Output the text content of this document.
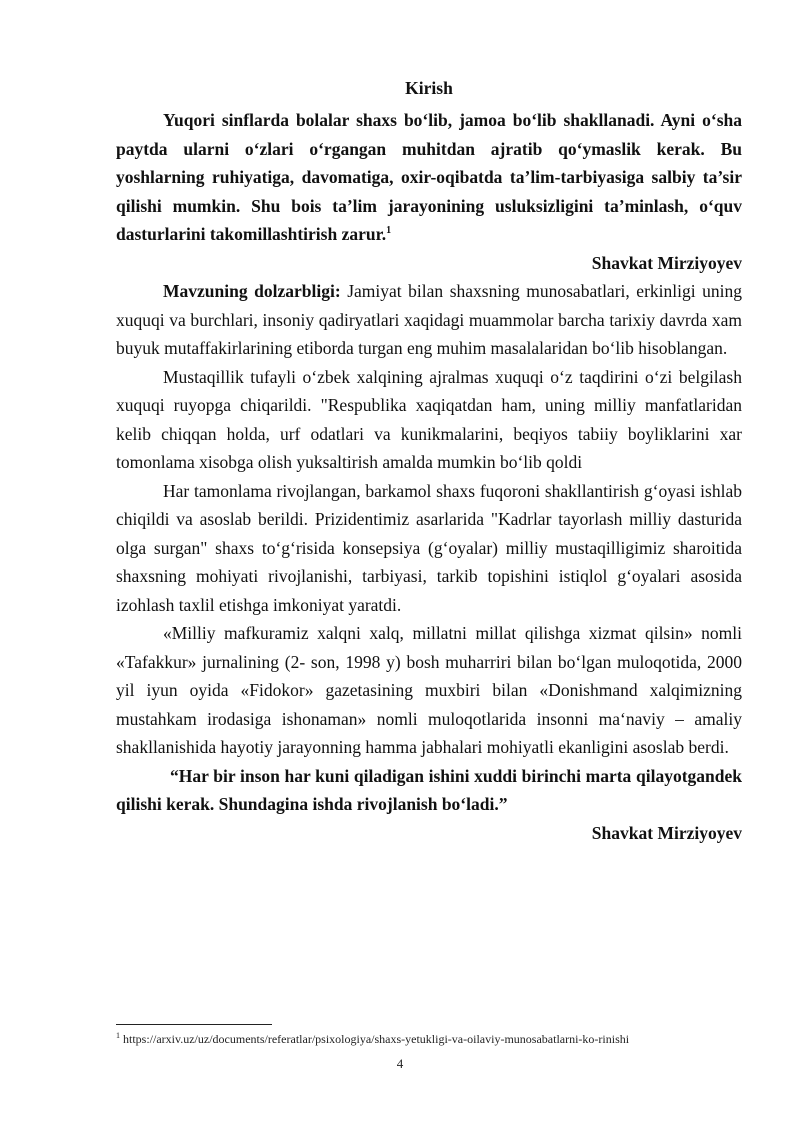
Kirish

Yuqori sinflarda bolalar shaxs bo‘lib, jamoa bo‘lib shakllanadi. Ayni o‘sha paytda ularni o‘zlari o‘rgangan muhitdan ajratib qo‘ymaslik kerak. Bu yoshlarning ruhiyatiga, davomatiga, oxir-oqibatda ta’lim-tarbiyasiga salbiy ta’sir qilishi mumkin. Shu bois ta’lim jarayonining usluksizligini ta’minlash, o‘quv dasturlarini takomillashtirish zarur.$^1$

Shavkat Mirziyoyev

Mavzuning dolzarbligi: Jamiyat bilan shaxsning munosabatlari, erkinligi uning xuquqi va burchlari, insoniy qadiryatlari xaqidagi muammolar barcha tarixiy davrda xam buyuk mutaffakirlarining etiborda turgan eng muhim masalalaridan bo‘lib hisoblangan.

Mustaqillik tufayli o‘zbek xalqining ajralmas xuquqi o‘z taqdirini o‘zi belgilash xuquqi ruyopga chiqarildi. "Respublika xaqiqatdan ham, uning milliy manfatlaridan kelib chiqqan holda, urf odatlari va kunikmalarini, beqiyos tabiiy boyliklarini xar tomonlama xisobga olish yuksaltirish amalda mumkin bo‘lib qoldi

Har tamonlama rivojlangan, barkamol shaxs fuqoroni shakllantirish g‘oyasi ishlab chiqildi va asoslab berildi. Prizidentimiz asarlarida "Kadrlar tayorlash milliy dasturida olga surgan" shaxs to‘g‘risida konsepsiya (g‘oyalar) milliy mustaqilligimiz sharoitida shaxsning mohiyati rivojlanishi, tarbiyasi, tarkib topishini istiqlol g‘oyalari asosida izohlash taxlil etishga imkoniyat yaratdi.

«Milliy mafkuramiz xalqni xalq, millatni millat qilishga xizmat qilsin» nomli «Tafakkur» jurnalining (2- son, 1998 y) bosh muharriri bilan bo‘lgan muloqotida, 2000 yil iyun oyida «Fidokor» gazetasining muxbiri bilan «Donishmand xalqimizning mustahkam irodasiga ishonaman» nomli muloqotlarida insonni ma‘naviy – amaliy shakllanishida hayotiy jarayonning hamma jabhalari mohiyatli ekanligini asoslab berdi.

“Har bir inson har kuni qiladigan ishini xuddi birinchi marta qilayotgandek qilishi kerak. Shundagina ishda rivojlanish bo‘ladi.”

Shavkat Mirziyoyev
$^1$ https://arxiv.uz/uz/documents/referatlar/psixologiya/shaxs-yetukligi-va-oilaviy-munosabatlarni-ko-rinishi
4
